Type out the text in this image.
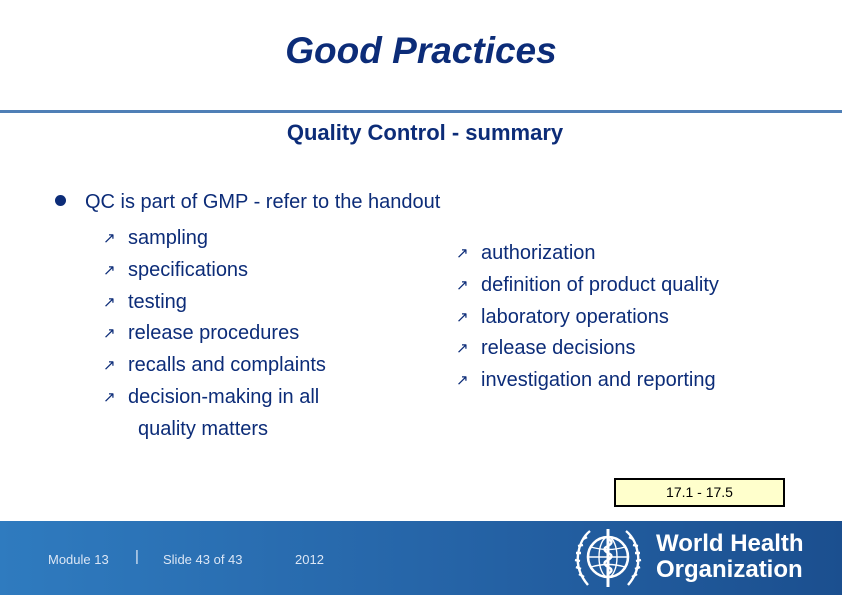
Good Practices
Quality Control - summary
QC is part of GMP - refer to the handout
↗ sampling
↗ specifications
↗ testing
↗ release procedures
↗ recalls and complaints
↗ decision-making in all
quality matters
↗ authorization
↗ definition of product quality
↗ laboratory operations
↗ release decisions
↗ investigation and reporting
17.1 - 17.5
Module 13 | Slide 43 of 43	2012
World Health
Organization
